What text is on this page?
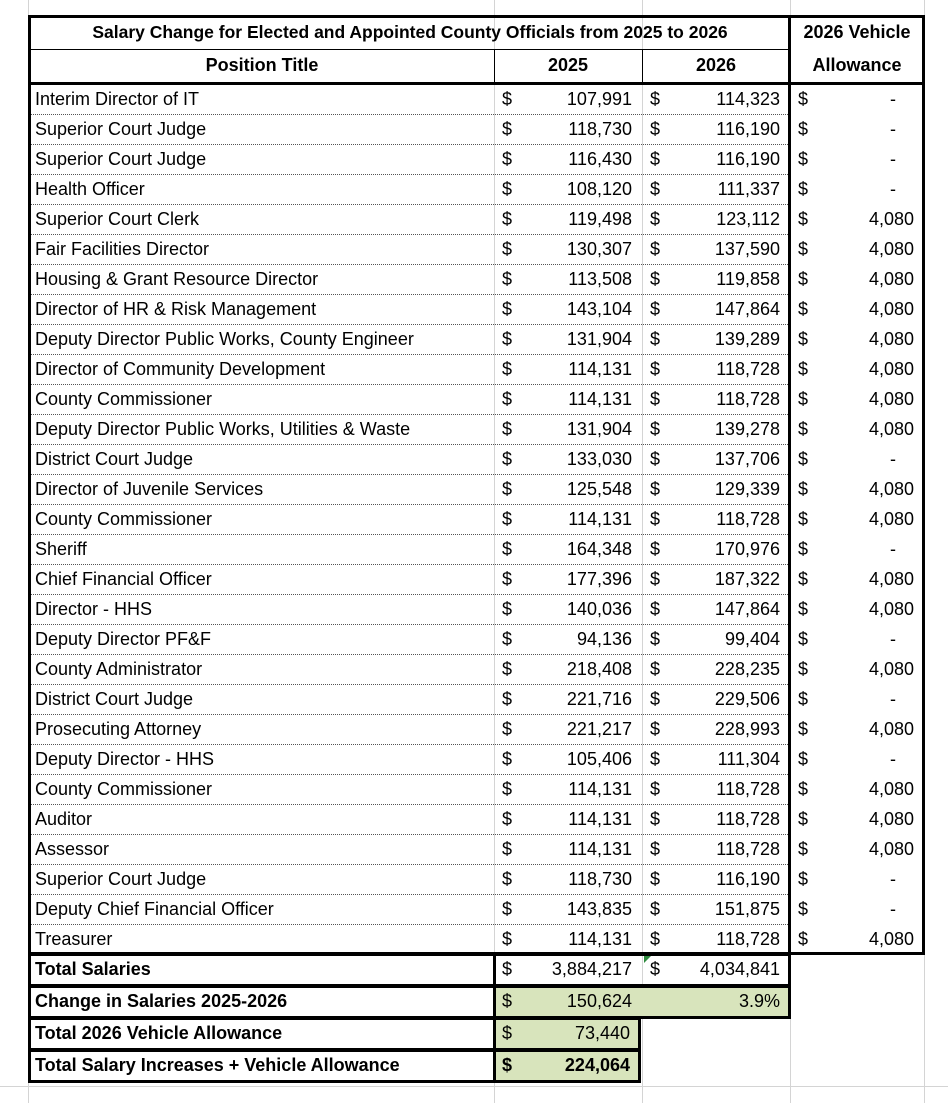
Salary Change for Elected and Appointed County Officials from 2025 to 2026	2026 Vehicle
Position Title	2025	2026	Allowance
Interim Director of IT	$	107,991	$	114,323	$	-
Superior Court Judge	$	118,730	$	116,190	$	-
Superior Court Judge	$	116,430	$	116,190	$	-
Health Officer	$	108,120	$	111,337	$	-
Superior Court Clerk	$	119,498	$	123,112	$	4,080
Fair Facilities Director	$	130,307	$	137,590	$	4,080
Housing & Grant Resource Director	$	113,508	$	119,858	$	4,080
Director of HR & Risk Management	$	143,104	$	147,864	$	4,080
Deputy Director Public Works, County Engineer	$	131,904	$	139,289	$	4,080
Director of Community Development	$	114,131	$	118,728	$	4,080
County Commissioner	$	114,131	$	118,728	$	4,080
Deputy Director Public Works, Utilities & Waste	$	131,904	$	139,278	$	4,080
District Court Judge	$	133,030	$	137,706	$	-
Director of Juvenile Services	$	125,548	$	129,339	$	4,080
County Commissioner	$	114,131	$	118,728	$	4,080
Sheriff	$	164,348	$	170,976	$	-
Chief Financial Officer	$	177,396	$	187,322	$	4,080
Director - HHS	$	140,036	$	147,864	$	4,080
Deputy Director PF&F	$	94,136	$	99,404	$	-
County Administrator	$	218,408	$	228,235	$	4,080
District Court Judge	$	221,716	$	229,506	$	-
Prosecuting Attorney	$	221,217	$	228,993	$	4,080
Deputy Director - HHS	$	105,406	$	111,304	$	-
County Commissioner	$	114,131	$	118,728	$	4,080
Auditor	$	114,131	$	118,728	$	4,080
Assessor	$	114,131	$	118,728	$	4,080
Superior Court Judge	$	118,730	$	116,190	$	-
Deputy Chief Financial Officer	$	143,835	$	151,875	$	-
Treasurer	$	114,131	$	118,728	$	4,080
Total Salaries	$	3,884,217	$	4,034,841
Change in Salaries 2025-2026	$	150,624	3.9%
Total 2026 Vehicle Allowance	$	73,440
Total Salary Increases + Vehicle Allowance	$	224,064
